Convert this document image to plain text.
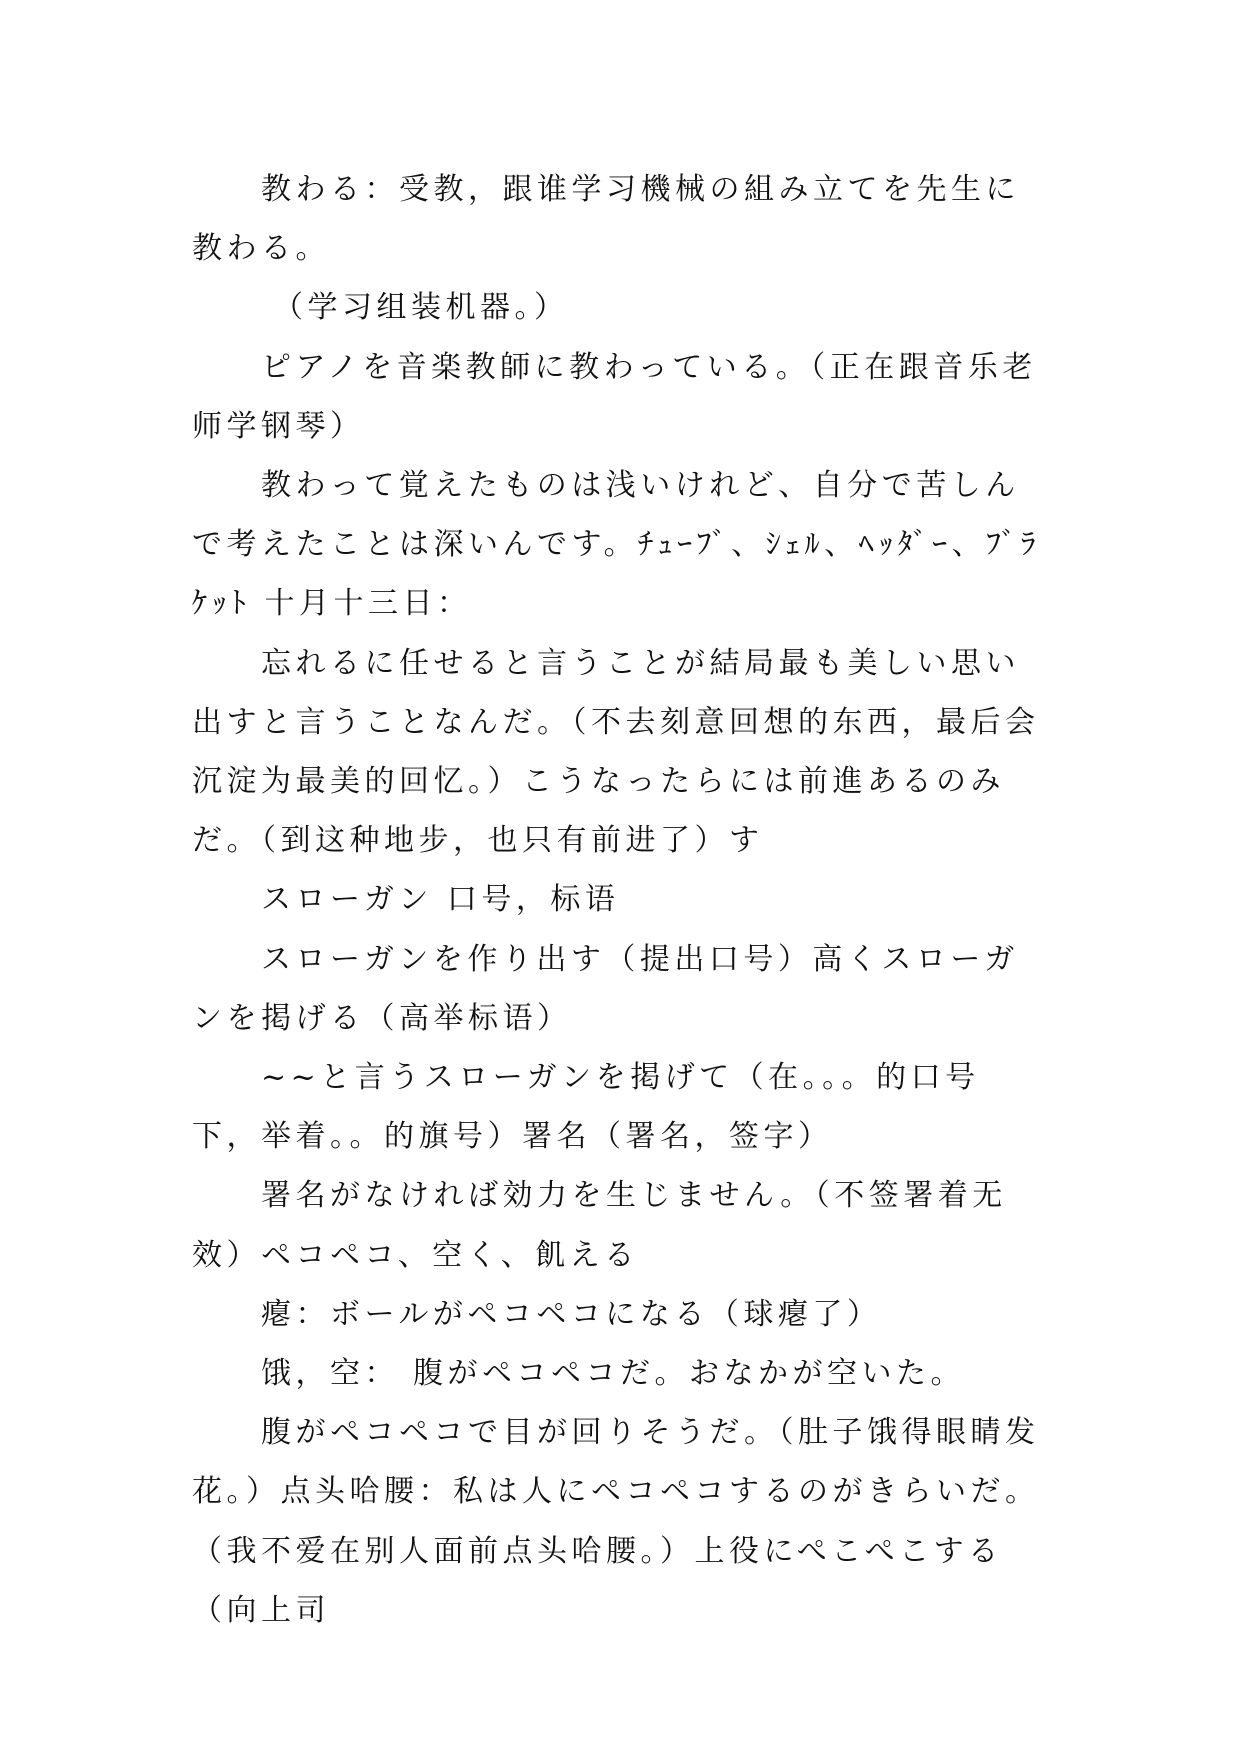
教わる：受教，跟谁学习機械の組み立てを先生に教わる。

（学习组装机器。）

ピアノを音楽教師に教わっている。（正在跟音乐老师学钢琴）

教わって覚えたものは浅いけれど、自分で苦しんで考えたことは深いんです。ﾁｭｰﾌﾞ、ｼｪﾙ、ﾍｯﾀﾞｰ、ﾌﾞﾗｹｯﾄ 十月十三日：

忘れるに任せると言うことが結局最も美しい思い出すと言うことなんだ。（不去刻意回想的东西，最后会沉淀为最美的回忆。）こうなったらには前進あるのみだ。（到这种地步，也只有前进了）す

スローガン 口号，标语

スローガンを作り出す（提出口号）高くスローガンを掲げる（高举标语）

~~と言うスローガンを掲げて（在。。。的口号下，举着。。的旗号）署名（署名，签字）

署名がなければ効力を生じません。（不签署着无效）ペコペコ、空く、飢える

瘪：ボールがペコペコになる（球瘪了）

饿，空： 腹がペコペコだ。おなかが空いた。

腹がペコペコで目が回りそうだ。（肚子饿得眼睛发花。）点头哈腰：私は人にペコペコするのがきらいだ。（我不爱在别人面前点头哈腰。）上役にぺこぺこする（向上司
